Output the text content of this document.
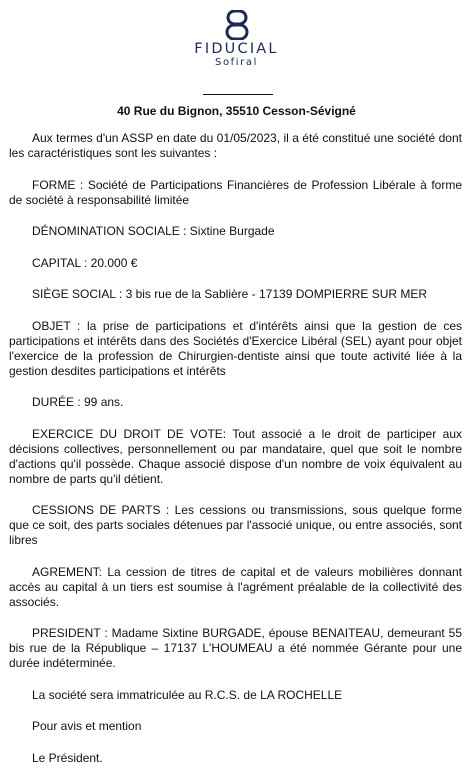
FIDUCIAL
Sofiral
40 Rue du Bignon, 35510 Cesson-Sévigné

Aux termes d'un ASSP en date du 01/05/2023, il a été constitué une société dont les caractéristiques sont les suivantes :

FORME : Société de Participations Financières de Profession Libérale à forme de société à responsabilité limitée

DÉNOMINATION SOCIALE : Sixtine Burgade

CAPITAL : 20.000 €

SIÈGE SOCIAL : 3 bis rue de la Sablière - 17139 DOMPIERRE SUR MER

OBJET : la prise de participations et d'intérêts ainsi que la gestion de ces participations et intérêts dans des Sociétés d'Exercice Libéral (SEL) ayant pour objet l'exercice de la profession de Chirurgien-dentiste ainsi que toute activité liée à la gestion desdites participations et intérêts

DURÉE : 99 ans.

EXERCICE DU DROIT DE VOTE: Tout associé a le droit de participer aux décisions collectives, personnellement ou par mandataire, quel que soit le nombre d'actions qu'il possède. Chaque associé dispose d'un nombre de voix équivalent au nombre de parts qu'il détient.

CESSIONS DE PARTS : Les cessions ou transmissions, sous quelque forme que ce soit, des parts sociales détenues par l'associé unique, ou entre associés, sont libres

AGREMENT: La cession de titres de capital et de valeurs mobilières donnant accès au capital à un tiers est soumise à l'agrément préalable de la collectivité des associés.

PRESIDENT : Madame Sixtine BURGADE, épouse BENAITEAU, demeurant 55 bis rue de la République – 17137 L'HOUMEAU a été nommée Gérante pour une durée indéterminée.

La société sera immatriculée au R.C.S. de LA ROCHELLE

Pour avis et mention

Le Président.
